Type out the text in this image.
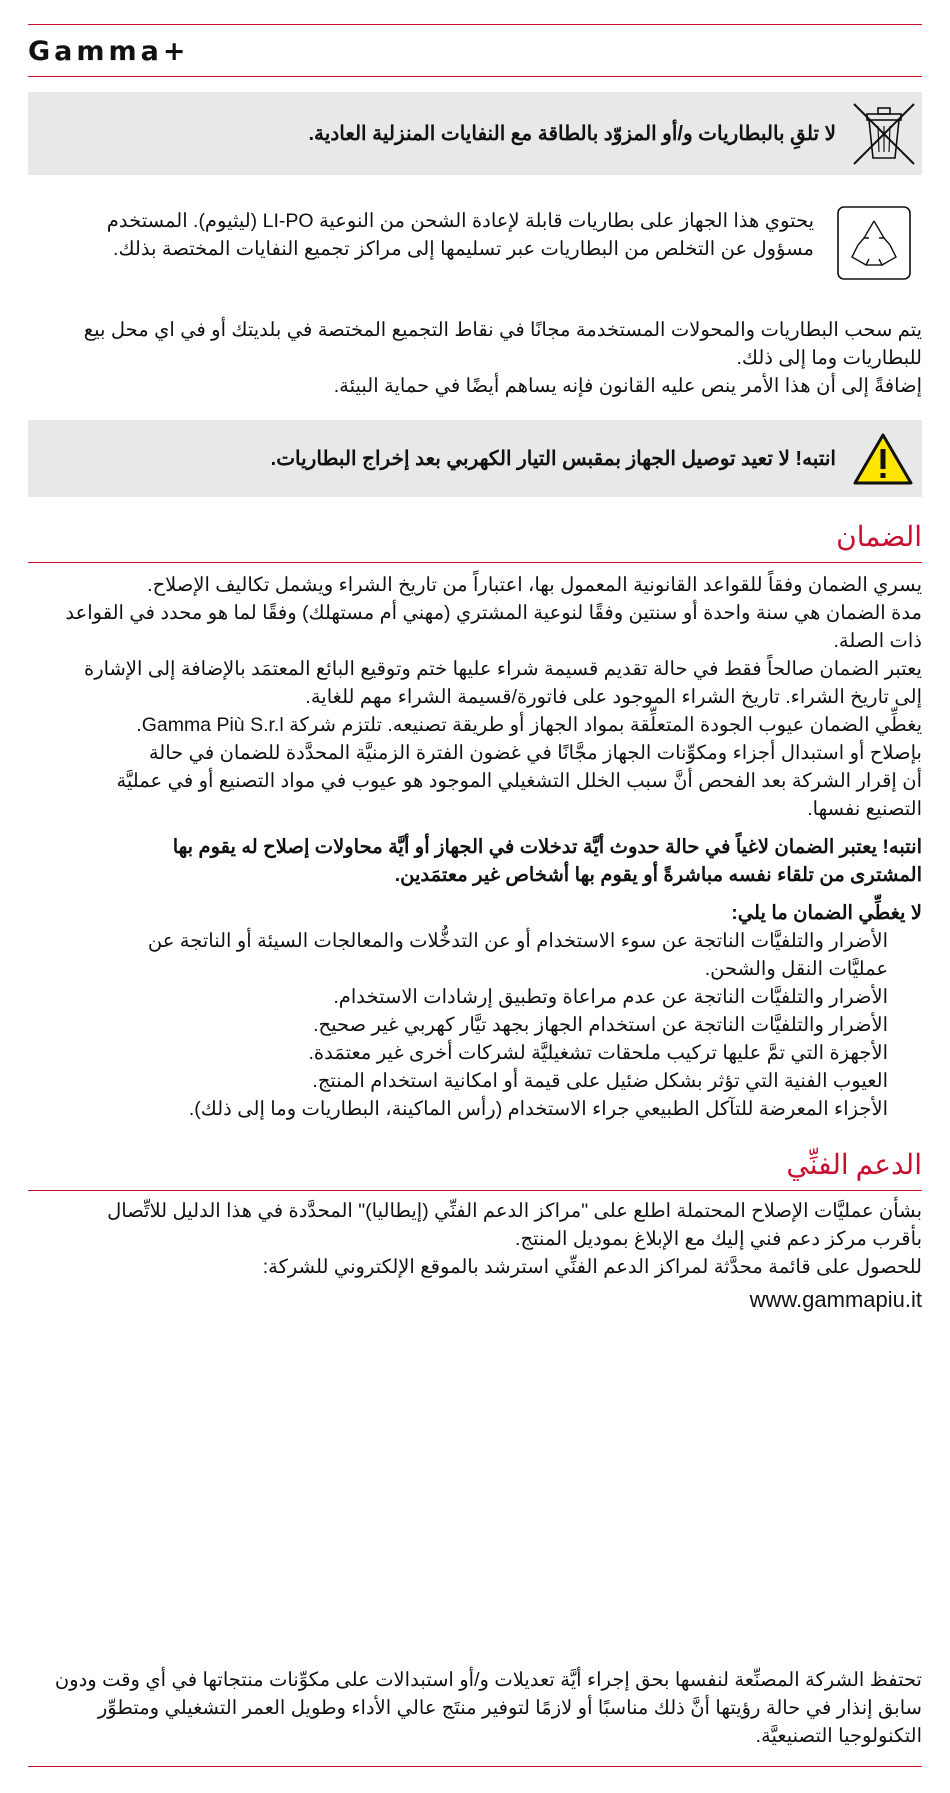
Gamma+
لا تلقِ بالبطاريات و/أو المزوّد بالطاقة مع النفايات المنزلية العادية.
يحتوي هذا الجهاز على بطاريات قابلة لإعادة الشحن من النوعية LI-PO (ليثيوم). المستخدم
مسؤول عن التخلص من البطاريات عبر تسليمها إلى مراكز تجميع النفايات المختصة بذلك.
يتم سحب البطاريات والمحولات المستخدمة مجانًا في نقاط التجميع المختصة في بلديتك أو في اي محل بيع
للبطاريات وما إلى ذلك.
إضافةً إلى أن هذا الأمر ينص عليه القانون فإنه يساهم أيضًا في حماية البيئة.
انتبه! لا تعيد توصيل الجهاز بمقبس التيار الكهربي بعد إخراج البطاريات.
الضمان
يسري الضمان وفقاً للقواعد القانونية المعمول بها، اعتباراً من تاريخ الشراء ويشمل تكاليف الإصلاح.
مدة الضمان هي سنة واحدة أو سنتين وفقًا لنوعية المشتري (مهني أم مستهلك) وفقًا لما هو محدد في القواعد
ذات الصلة.
يعتبر الضمان صالحاً فقط في حالة تقديم قسيمة شراء عليها ختم وتوقيع البائع المعتمَد بالإضافة إلى الإشارة
إلى تاريخ الشراء. تاريخ الشراء الموجود على فاتورة/قسيمة الشراء مهم للغاية.
يغطِّي الضمان عيوب الجودة المتعلِّقة بمواد الجهاز أو طريقة تصنيعه. تلتزم شركة Gamma Più S.r.l.
بإصلاح أو استبدال أجزاء ومكوِّنات الجهاز مجَّانًا في غضون الفترة الزمنيَّة المحدَّدة للضمان في حالة
أن إقرار الشركة بعد الفحص أنَّ سبب الخلل التشغيلي الموجود هو عيوب في مواد التصنيع أو في عمليَّة
التصنيع نفسها.
انتبه! يعتبر الضمان لاغياً في حالة حدوث أيَّة تدخلات في الجهاز أو أيَّة محاولات إصلاح له يقوم بها
المشترى من تلقاء نفسه مباشرةً أو يقوم بها أشخاص غير معتمَدين.
لا يغطِّي الضمان ما يلي:
الأضرار والتلفيَّات الناتجة عن سوء الاستخدام أو عن التدخُّلات والمعالجات السيئة أو الناتجة عن
عمليَّات النقل والشحن.
الأضرار والتلفيَّات الناتجة عن عدم مراعاة وتطبيق إرشادات الاستخدام.
الأضرار والتلفيَّات الناتجة عن استخدام الجهاز بجهد تيَّار كهربي غير صحيح.
الأجهزة التي تمَّ عليها تركيب ملحقات تشغيليَّة لشركات أخرى غير معتمَدة.
العيوب الفنية التي تؤثر بشكل ضئيل على قيمة أو امكانية استخدام المنتج.
الأجزاء المعرضة للتآكل الطبيعي جراء الاستخدام (رأس الماكينة، البطاريات وما إلى ذلك).
الدعم الفنِّي
بشأن عمليَّات الإصلاح المحتملة اطلع على "مراكز الدعم الفنِّي (إيطاليا)" المحدَّدة في هذا الدليل للاتِّصال
بأقرب مركز دعم فني إليك مع الإبلاغ بموديل المنتج.
للحصول على قائمة محدَّثة لمراكز الدعم الفنِّي استرشد بالموقع الإلكتروني للشركة:
www.gammapiu.it
تحتفظ الشركة المصنِّعة لنفسها بحق إجراء أيَّة تعديلات و/أو استبدالات على مكوِّنات منتجاتها في أي وقت ودون
سابق إنذار في حالة رؤيتها أنَّ ذلك مناسبًا أو لازمًا لتوفير منتَج عالي الأداء وطويل العمر التشغيلي ومتطوِّر
التكنولوجيا التصنيعيَّة.
